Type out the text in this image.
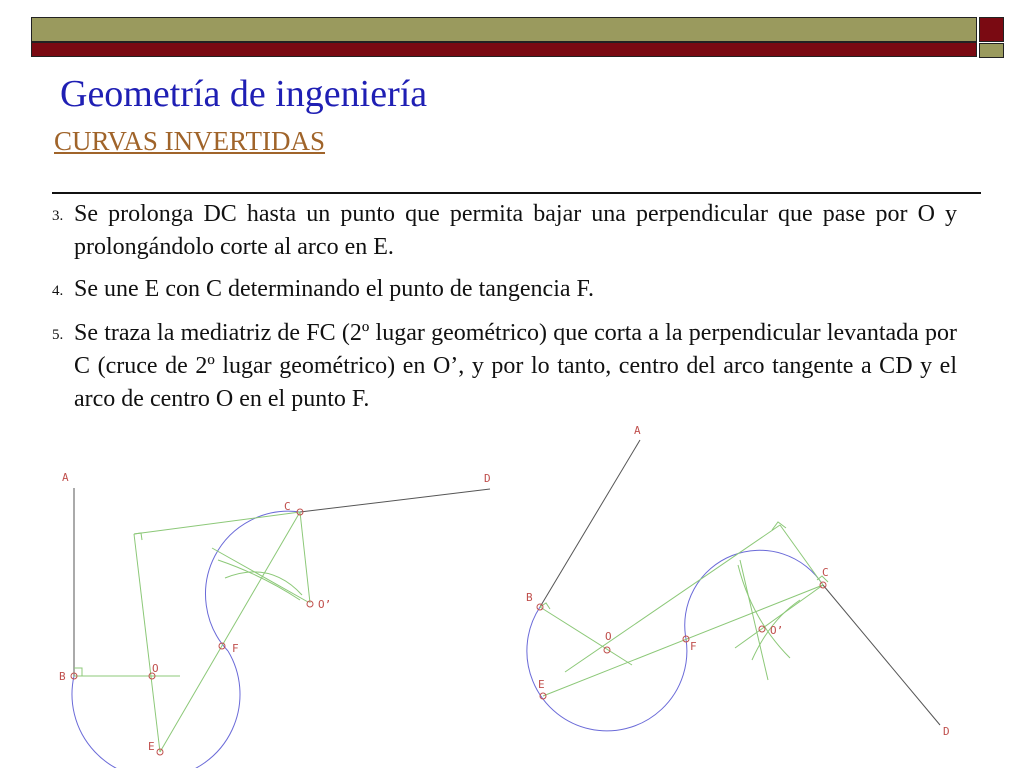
Geometría de ingeniería
CURVAS INVERTIDAS
3. Se prolonga DC hasta un punto que permita bajar una perpendicular que pase por O y prolongándolo corte al arco en E.
4. Se une E con C determinando el punto de tangencia F.
5. Se traza la mediatriz de FC (2º lugar geométrico) que corta a la perpendicular levantada por C (cruce de 2º lugar geométrico) en O’, y por lo tanto, centro del arco tangente a CD y el arco de centro O en el punto F.
A	D
C
O’
F
O
B
E
A
B
C
D
E
F
O	O’
